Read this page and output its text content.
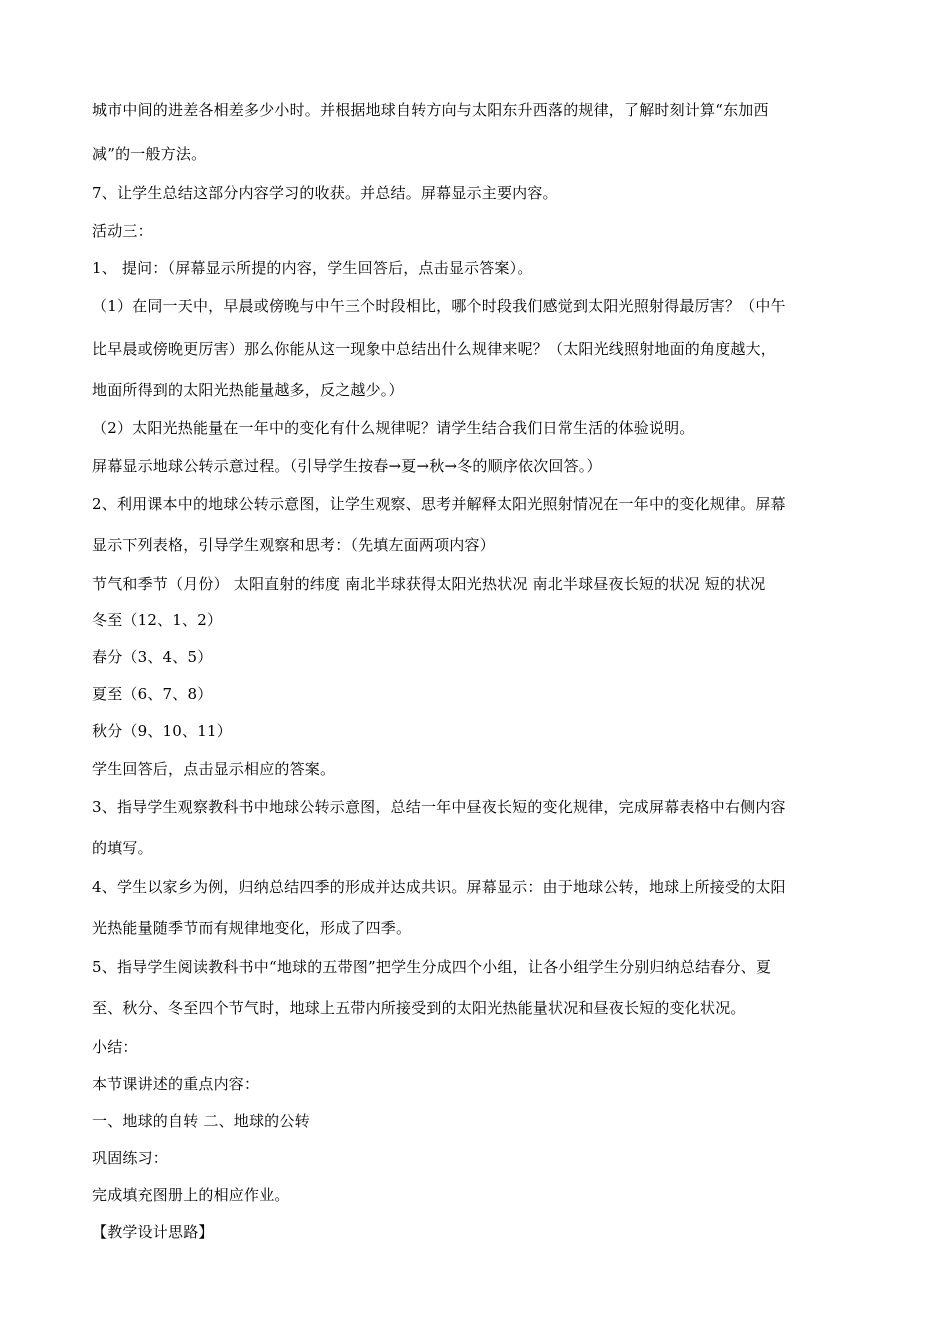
城市中间的进差各相差多少小时。并根据地球自转方向与太阳东升西落的规律，了解时刻计算“东加西
减”的一般方法。
7、让学生总结这部分内容学习的收获。并总结。屏幕显示主要内容。
活动三：
1、 提问：（屏幕显示所提的内容，学生回答后，点击显示答案）。
（1）在同一天中，早晨或傍晚与中午三个时段相比，哪个时段我们感觉到太阳光照射得最厉害？（中午
比早晨或傍晚更厉害）那么你能从这一现象中总结出什么规律来呢？（太阳光线照射地面的角度越大，
地面所得到的太阳光热能量越多，反之越少。）
（2）太阳光热能量在一年中的变化有什么规律呢？请学生结合我们日常生活的体验说明。
屏幕显示地球公转示意过程。（引导学生按春→夏→秋→冬的顺序依次回答。）
2、利用课本中的地球公转示意图，让学生观察、思考并解释太阳光照射情况在一年中的变化规律。屏幕
显示下列表格，引导学生观察和思考：（先填左面两项内容）
节气和季节（月份） 太阳直射的纬度 南北半球获得太阳光热状况 南北半球昼夜长短的状况 短的状况
冬至（12、1、2）
春分（3、4、5）
夏至（6、7、8）
秋分（9、10、11）
学生回答后，点击显示相应的答案。
3、指导学生观察教科书中地球公转示意图，总结一年中昼夜长短的变化规律，完成屏幕表格中右侧内容
的填写。
4、学生以家乡为例，归纳总结四季的形成并达成共识。屏幕显示：由于地球公转，地球上所接受的太阳
光热能量随季节而有规律地变化，形成了四季。
5、指导学生阅读教科书中“地球的五带图”把学生分成四个小组，让各小组学生分别归纳总结春分、夏
至、秋分、冬至四个节气时，地球上五带内所接受到的太阳光热能量状况和昼夜长短的变化状况。
小结：
本节课讲述的重点内容：
一、地球的自转 二、地球的公转
巩固练习：
完成填充图册上的相应作业。
【教学设计思路】
